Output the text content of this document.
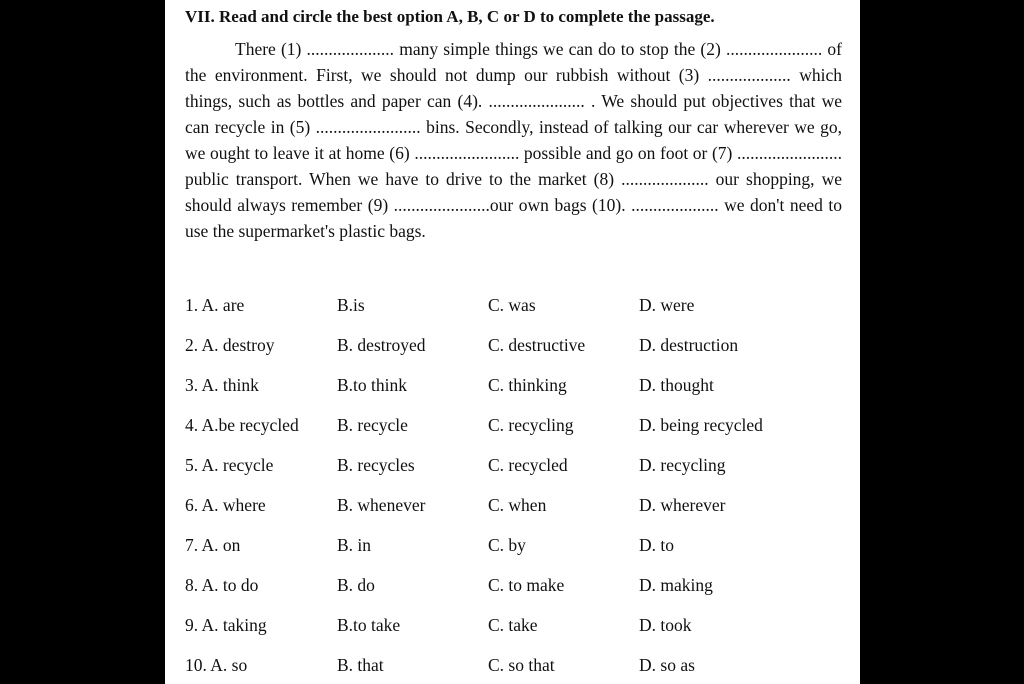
VII. Read and circle the best option A, B, C or D to complete the passage.

There (1) .................... many simple things we can do to stop the (2) ...................... of the environment. First, we should not dump our rubbish without (3) ................... which things, such as bottles and paper can (4). ...................... . We should put objectives that we can recycle in (5) ........................ bins. Secondly, instead of talking our car wherever we go, we ought to leave it at home (6) ........................ possible and go on foot or (7) ........................ public transport. When we have to drive to the market (8) .................... our shopping, we should always remember (9) ......................our own bags (10). .................... we don't need to use the supermarket's plastic bags.

1. A. are	B.is	C. was	D. were
2. A. destroy	B. destroyed	C. destructive	D. destruction
3. A. think	B.to think	C. thinking	D. thought
4. A.be recycled B. recycle	C. recycling	D. being recycled
5. A. recycle	B. recycles	C. recycled	D. recycling
6. A. where	B. whenever	C. when	D. wherever
7. A. on	B. in	C. by	D. to
8. A. to do	B. do	C. to make	D. making
9. A. taking	B.to take	C. take	D. took
10. A. so	B. that	C. so that	D. so as
